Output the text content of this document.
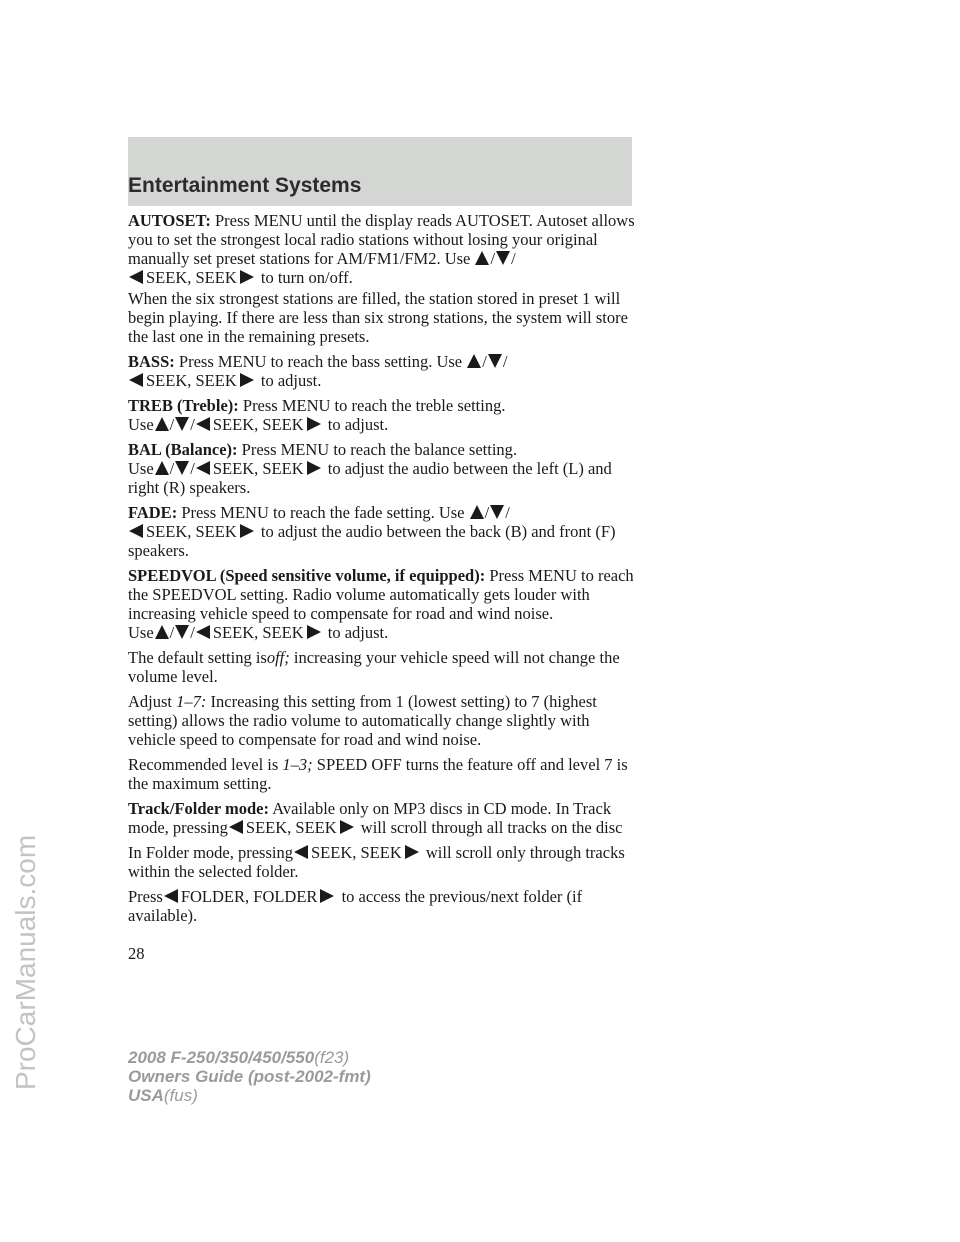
Entertainment Systems
ProCarManuals.com

AUTOSET: Press MENU until the display reads AUTOSET. Autoset allows you to set the strongest local radio stations without losing your original manually set preset stations for AM/FM1/FM2. Use / /
SEEK, SEEK to turn on/off.

When the six strongest stations are filled, the station stored in preset 1 will begin playing. If there are less than six strong stations, the system will store the last one in the remaining presets.

BASS: Press MENU to reach the bass setting. Use / /
SEEK, SEEK to adjust.

TREB (Treble): Press MENU to reach the treble setting.
Use / / SEEK, SEEK to adjust.

BAL (Balance): Press MENU to reach the balance setting.
Use / / SEEK, SEEK to adjust the audio between the left (L) and right (R) speakers.

FADE: Press MENU to reach the fade setting. Use / /
SEEK, SEEK to adjust the audio between the back (B) and front (F) speakers.

SPEEDVOL (Speed sensitive volume, if equipped): Press MENU to reach the SPEEDVOL setting. Radio volume automatically gets louder with increasing vehicle speed to compensate for road and wind noise.
Use / / SEEK, SEEK to adjust.

The default setting isoff; increasing your vehicle speed will not change the volume level.

Adjust 1–7: Increasing this setting from 1 (lowest setting) to 7 (highest setting) allows the radio volume to automatically change slightly with vehicle speed to compensate for road and wind noise.

Recommended level is 1–3; SPEED OFF turns the feature off and level 7 is the maximum setting.

Track/Folder mode: Available only on MP3 discs in CD mode. In Track mode, pressing SEEK, SEEK will scroll through all tracks on the disc

In Folder mode, pressing SEEK, SEEK will scroll only through tracks within the selected folder.

Press FOLDER, FOLDER to access the previous/next folder (if available).

28
2008 F-250/350/450/550(f23)
Owners Guide (post-2002-fmt)
USA(fus)
